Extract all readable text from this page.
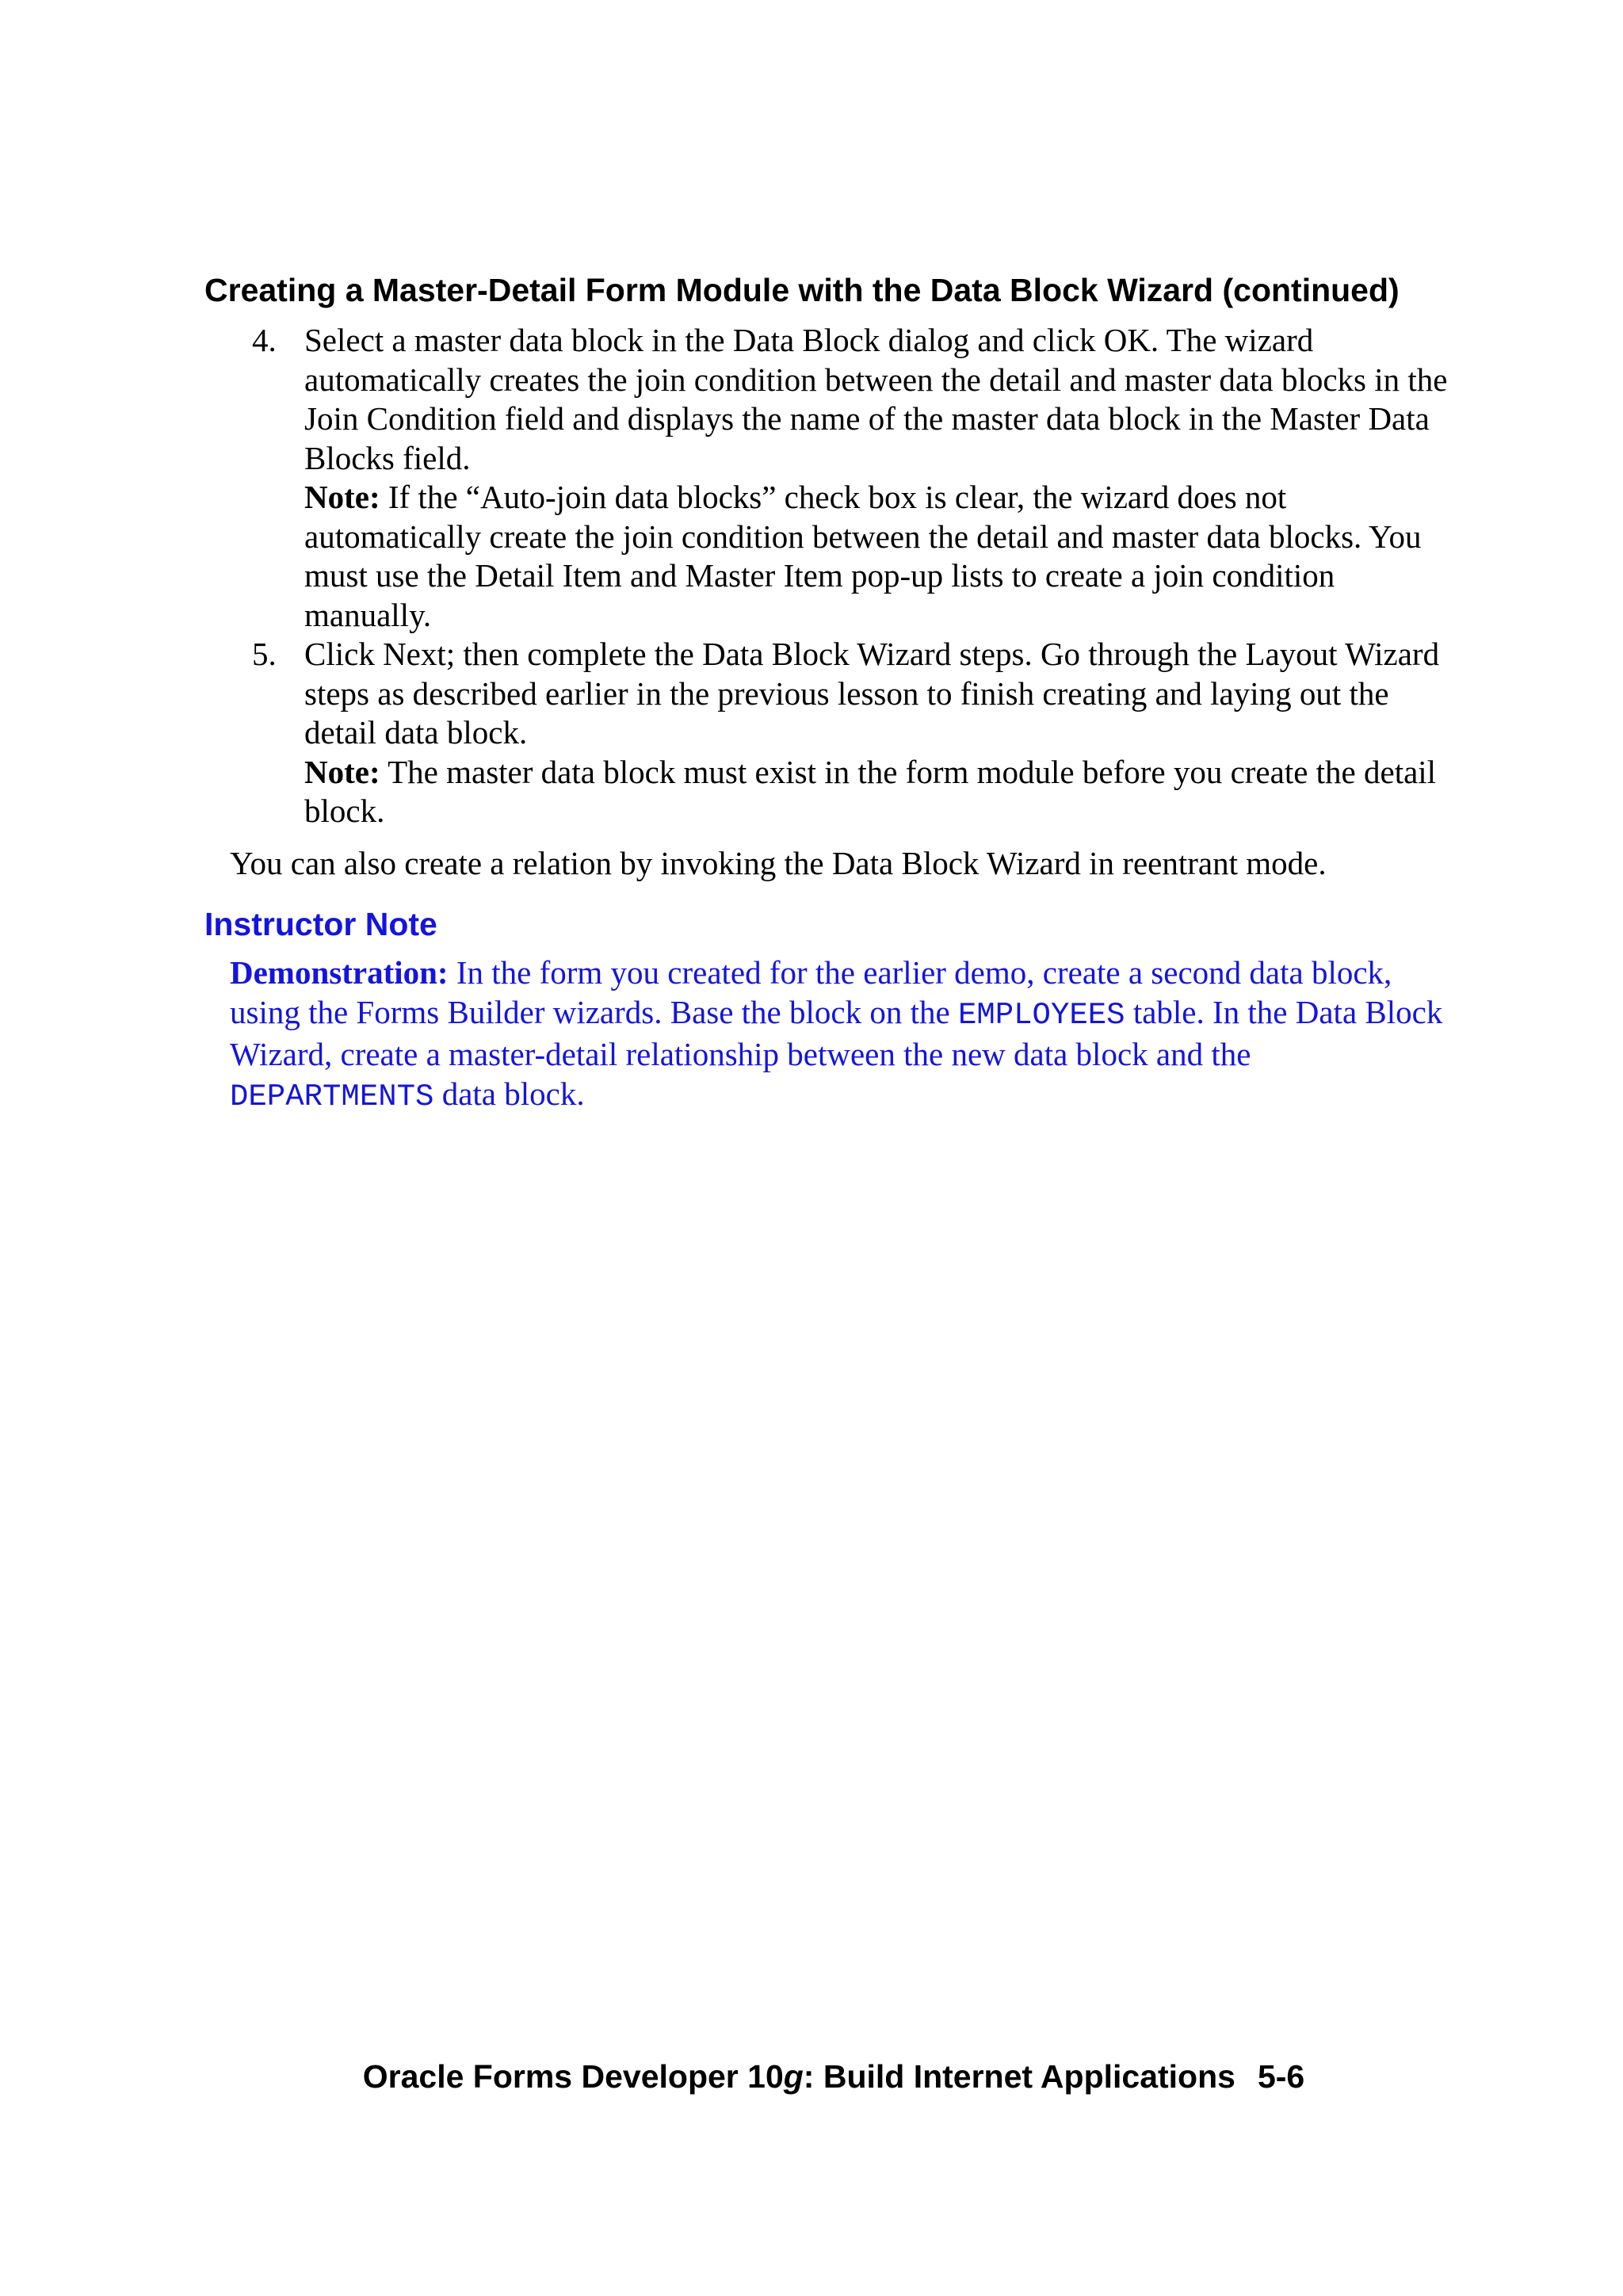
Creating a Master-Detail Form Module with the Data Block Wizard (continued)
4. Select a master data block in the Data Block dialog and click OK. The wizard automatically creates the join condition between the detail and master data blocks in the Join Condition field and displays the name of the master data block in the Master Data Blocks field.

Note: If the “Auto-join data blocks” check box is clear, the wizard does not automatically create the join condition between the detail and master data blocks. You must use the Detail Item and Master Item pop-up lists to create a join condition manually.

5. Click Next; then complete the Data Block Wizard steps. Go through the Layout Wizard steps as described earlier in the previous lesson to finish creating and laying out the detail data block.

Note: The master data block must exist in the form module before you create the detail block.

You can also create a relation by invoking the Data Block Wizard in reentrant mode.
Instructor Note

Demonstration: In the form you created for the earlier demo, create a second data block, using the Forms Builder wizards. Base the block on the EMPLOYEES table. In the Data Block Wizard, create a master-detail relationship between the new data block and the DEPARTMENTS data block.

Oracle Forms Developer 10g: Build Internet Applications 5-6
